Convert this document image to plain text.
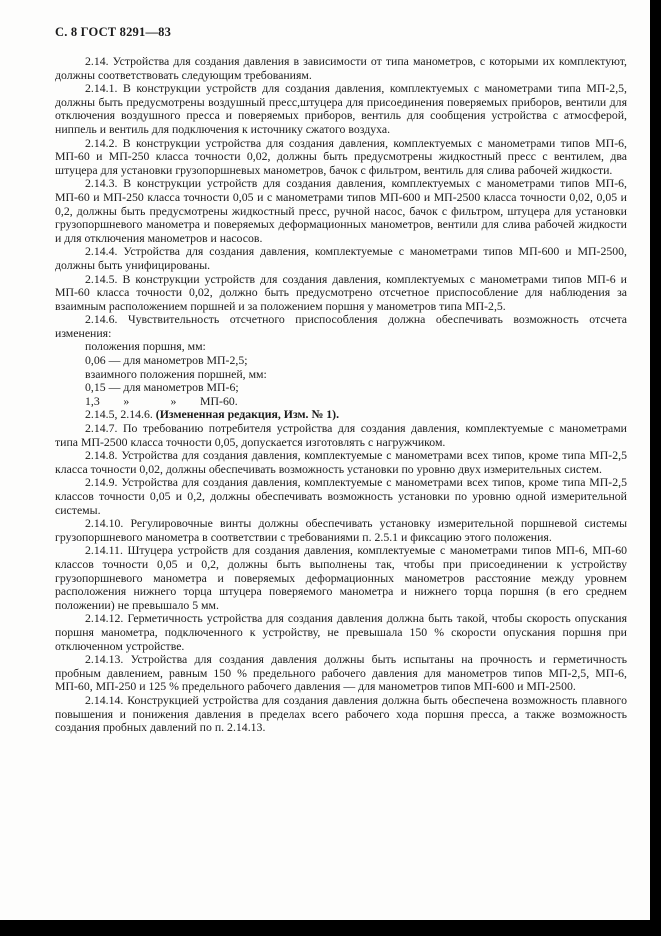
С. 8 ГОСТ 8291—83

2.14. Устройства для создания давления в зависимости от типа манометров, с которыми их комплектуют, должны соответствовать следующим требованиям.

2.14.1. В конструкции устройств для создания давления, комплектуемых с манометрами типа МП-2,5, должны быть предусмотрены воздушный пресс,штуцера для присоединения поверяемых приборов, вентили для отключения воздушного пресса и поверяемых приборов, вентиль для сообщения устройства с атмосферой, ниппель и вентиль для подключения к источнику сжатого воздуха.

2.14.2. В конструкции устройства для создания давления, комплектуемых с манометрами типов МП-6, МП-60 и МП-250 класса точности 0,02, должны быть предусмотрены жидкостный пресс с вентилем, два штуцера для установки грузопоршневых манометров, бачок с фильтром, вентиль для слива рабочей жидкости.

2.14.3. В конструкции устройств для создания давления, комплектуемых с манометрами типов МП-6, МП-60 и МП-250 класса точности 0,05 и с манометрами типов МП-600 и МП-2500 класса точности 0,02, 0,05 и 0,2, должны быть предусмотрены жидкостный пресс, ручной насос, бачок с фильтром, штуцера для установки грузопоршневого манометра и поверяемых деформационных манометров, вентили для слива рабочей жидкости и для отключения манометров и насосов.

2.14.4. Устройства для создания давления, комплектуемые с манометрами типов МП-600 и МП-2500, должны быть унифицированы.

2.14.5. В конструкции устройств для создания давления, комплектуемых с манометрами типов МП-6 и МП-60 класса точности 0,02, должно быть предусмотрено отсчетное приспособление для наблюдения за взаимным расположением поршней и за положением поршня у манометров типа МП-2,5.

2.14.6. Чувствительность отсчетного приспособления должна обеспечивать возможность отсчета изменения:

положения поршня, мм:
0,06 — для манометров МП-2,5;
взаимного положения поршней, мм:
0,15 — для манометров МП-6;
1,3        »              »        МП-60.

2.14.5, 2.14.6. (Измененная редакция, Изм. № 1).

2.14.7. По требованию потребителя устройства для создания давления, комплектуемые с манометрами типа МП-2500 класса точности 0,05, допускается изготовлять с нагружчиком.

2.14.8. Устройства для создания давления, комплектуемые с манометрами всех типов, кроме типа МП-2,5 класса точности 0,02, должны обеспечивать возможность установки по уровню двух измерительных систем.

2.14.9. Устройства для создания давления, комплектуемые с манометрами всех типов, кроме типа МП-2,5 классов точности 0,05 и 0,2, должны обеспечивать возможность установки по уровню одной измерительной системы.

2.14.10. Регулировочные винты должны обеспечивать установку измерительной поршневой системы грузопоршневого манометра в соответствии с требованиями п. 2.5.1 и фиксацию этого положения.

2.14.11. Штуцера устройств для создания давления, комплектуемые с манометрами типов МП-6, МП-60 классов точности 0,05 и 0,2, должны быть выполнены так, чтобы при присоединении к устройству грузопоршневого манометра и поверяемых деформационных манометров расстояние между уровнем расположения нижнего торца штуцера поверяемого манометра и нижнего торца поршня (в его среднем положении) не превышало 5 мм.

2.14.12. Герметичность устройства для создания давления должна быть такой, чтобы скорость опускания поршня манометра, подключенного к устройству, не превышала 150 % скорости опускания поршня при отключенном устройстве.

2.14.13. Устройства для создания давления должны быть испытаны на прочность и герметичность пробным давлением, равным 150 % предельного рабочего давления для манометров типов МП-2,5, МП-6, МП-60, МП-250 и 125 % предельного рабочего давления — для манометров типов МП-600 и МП-2500.

2.14.14. Конструкцией устройства для создания давления должна быть обеспечена возможность плавного повышения и понижения давления в пределах всего рабочего хода поршня пресса, а также возможность создания пробных давлений по п. 2.14.13.
